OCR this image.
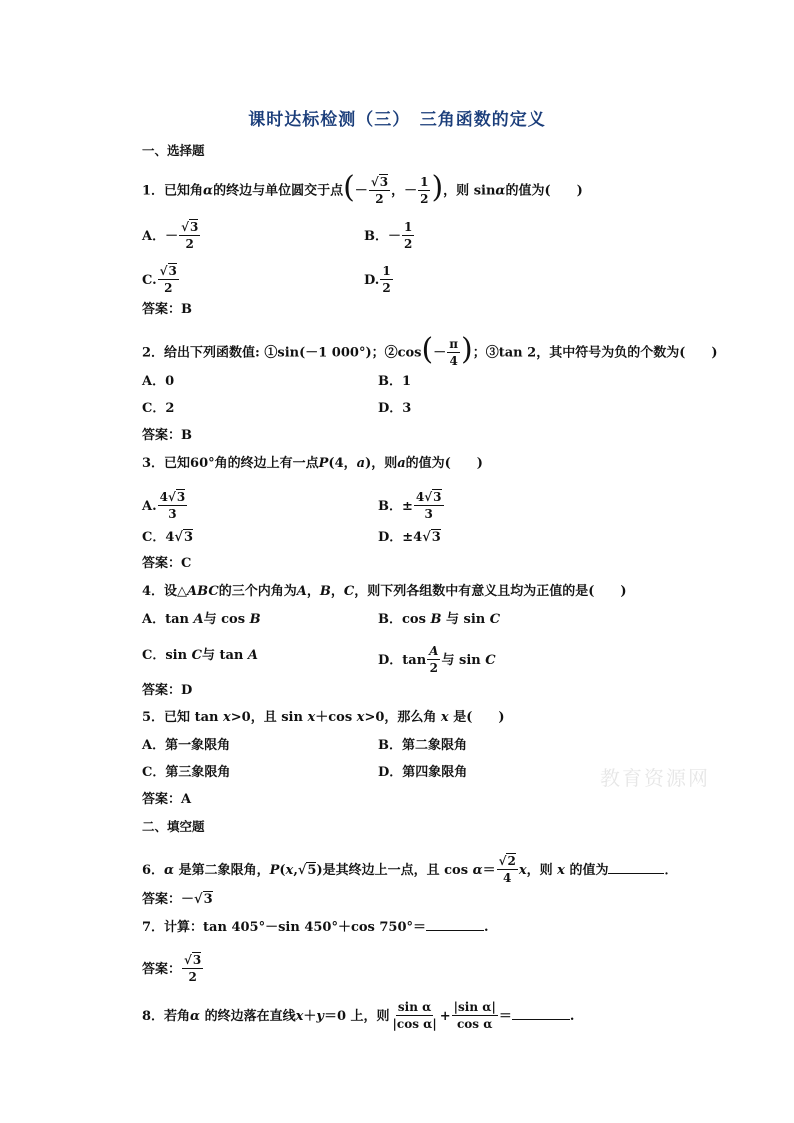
课时达标检测（三）　三角函数的定义
一、选择题
1．已知角α的终边与单位圆交于点(－ $\frac{√3}{2}$ ，－ $\frac{1}{2}$ )，则 sinα的值为(　　)
A．－ $\frac{√3}{2}$	B．－ $\frac{1}{2}$
C. $\frac{√3}{2}$	D. $\frac{1}{2}$
答案：B
2．给出下列函数值: ①sin(－1 000°)；②cos(－ $\frac{\pi}{4}$ )；③tan 2，其中符号为负的个数为(　　)
A．0	B．1
C．2	D．3
答案：B
3．已知60°角的终边上有一点P(4，a)，则a的值为(　　)
A. $\frac{4√3}{3}$	B．± $\frac{4√3}{3}$
C．4√3	D．±4√3
答案：C
4．设△ABC的三个内角为A，B，C，则下列各组数中有意义且均为正值的是(　　)
A．tan A与 cos B	B．cos B 与 sin C
C．sin C与 tan A	D．$\tan \frac{A}{2}$ 与 sin C
答案：D
5．已知 tan x>0，且 sin x＋cos x>0，那么角 x 是(　　)
A．第一象限角	B．第二象限角
C．第三象限角	D．第四象限角
答案：A
二、填空题
6．α 是第二象限角，P(x,√5)是其终边上一点，且 $\cos \alpha= \frac{√2}{4}$ x，则 x 的值为	．
答案：－√3
7．计算：tan 405°－sin 450°＋cos 750°＝	.
答案： $\frac{√3}{2}$
8．若角α 的终边落在直线x＋y＝0 上，则 $\frac{\text{sin α}}{\text{|cos α|}} + \frac{\text{|sin α|}}{\text{cos α}}$ ＝	.
教育资源网
